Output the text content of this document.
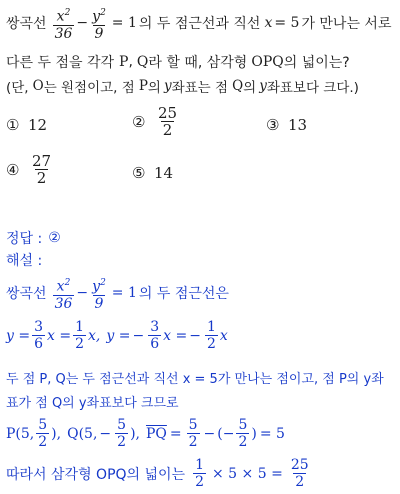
쌍곡선 $\frac{x^2}{36} - \frac{y^2}{9} = 1$ 의 두 점근선과 직선 x = 5 가 만나는 서로
다른 두 점을 각각 P , Q 라 할 때, 삼각형 OPQ 의 넓이는?
(단, O 는 원점이고, 점 P 의 y 좌표는 점 Q 의 y 좌표보다 크다.)
① 12	② $\frac{25}{2}$	③ 13
④ $\frac{27}{2}$	⑤ 14
정답 : ②
해설 :
쌍곡선 $\frac{x^2}{36} - \frac{y^2}{9} = 1$ 의 두 점근선은
$y = \frac{3}{6}$ $x = \frac{1}{2} x$, y = − $\frac{3}{6}$ x = − $\frac{1}{2}$ x
두 점 P, Q는 두 점근선과 직선 x = 5가 만나는 점이고, 점 P의 y좌
표가 점 Q의 y좌표보다 크므로
P (5, $\frac{5}{2}$ ), Q (5, − $\frac{5}{2}$ ), $\overline{PQ} = \frac{5}{2}$ − (− $\frac{5}{2}$ ) = 5
따라서 삼각형 OPQ의 넓이는 $\frac{1}{2} \times 5 \times 5 = \frac{25}{2}$
